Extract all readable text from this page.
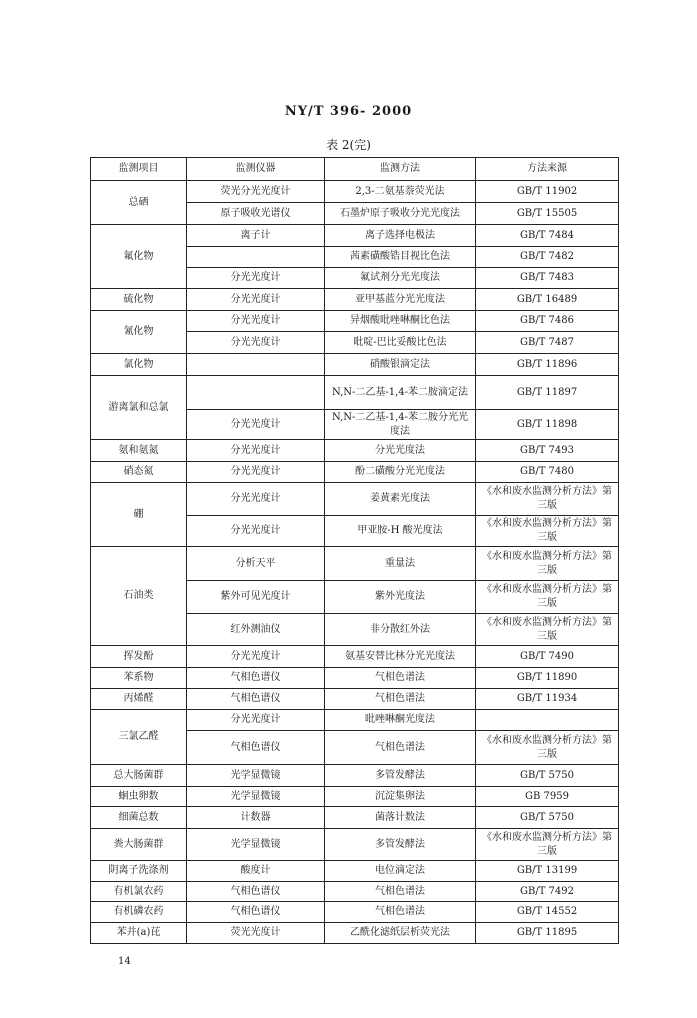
NY/T 396- 2000
表 2(完)
监测项目	监测仪器	监测方法	方法来源
总硒	荧光分光光度计	2,3-二氨基萘荧光法	GB/T 11902
	原子吸收光谱仪	石墨炉原子吸收分光光度法	GB/T 15505
氟化物	离子计	离子选择电极法	GB/T 7484
		茜素磺酸锆目视比色法	GB/T 7482
	分光光度计	氟试剂分光光度法	GB/T 7483
硫化物	分光光度计	亚甲基蓝分光光度法	GB/T 16489
氰化物	分光光度计	异烟酸吡唑啉酮比色法	GB/T 7486
	分光光度计	吡啶-巴比妥酸比色法	GB/T 7487
氯化物		硝酸银滴定法	GB/T 11896
游离氯和总氯		N,N-二乙基-1,4-苯二胺滴定法	GB/T 11897
	分光光度计	N,N-二乙基-1,4-苯二胺分光光度法	GB/T 11898
氨和氨氮	分光光度计	分光光度法	GB/T 7493
硝态氮	分光光度计	酚二磺酸分光光度法	GB/T 7480
硼	分光光度计	姜黄素光度法	《水和废水监测分析方法》第三版
	分光光度计	甲亚胺-H 酸光度法	《水和废水监测分析方法》第三版
石油类	分析天平	重量法	《水和废水监测分析方法》第三版
	紫外可见光度计	紫外光度法	《水和废水监测分析方法》第三版
	红外测油仪	非分散红外法	《水和废水监测分析方法》第三版
挥发酚	分光光度计	氨基安替比林分光光度法	GB/T 7490
苯系物	气相色谱仪	气相色谱法	GB/T 11890
丙烯醛	气相色谱仪	气相色谱法	GB/T 11934
三氯乙醛	分光光度计	吡唑啉酮光度法	
	气相色谱仪	气相色谱法	《水和废水监测分析方法》第三版
总大肠菌群	光学显微镜	多管发酵法	GB/T 5750
蛔虫卵数	光学显微镜	沉淀集卵法	GB 7959
细菌总数	计数器	菌落计数法	GB/T 5750
粪大肠菌群	光学显微镜	多管发酵法	《水和废水监测分析方法》第三版
阴离子洗涤剂	酸度计	电位滴定法	GB/T 13199
有机氯农药	气相色谱仪	气相色谱法	GB/T 7492
有机磷农药	气相色谱仪	气相色谱法	GB/T 14552
苯并(a)芘	荧光光度计	乙酰化滤纸层析荧光法	GB/T 11895
14
